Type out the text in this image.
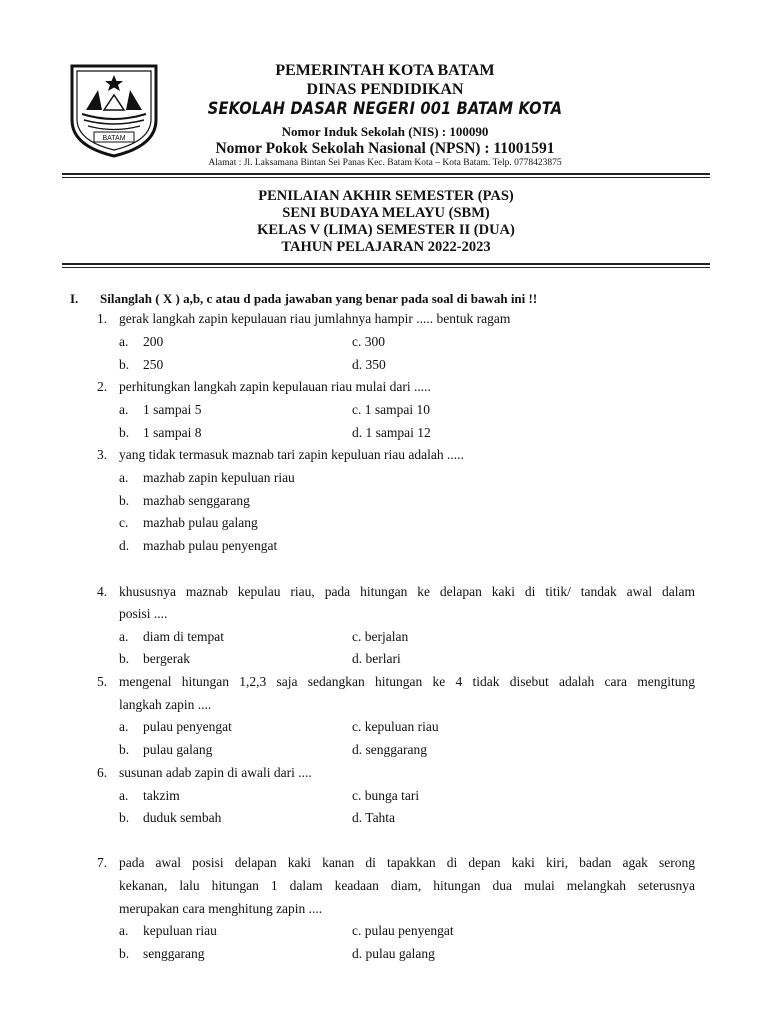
BATAM
PEMERINTAH KOTA BATAM
DINAS PENDIDIKAN
SEKOLAH DASAR NEGERI 001 BATAM KOTA
Nomor Induk Sekolah (NIS) : 100090
Nomor Pokok Sekolah Nasional (NPSN) : 11001591
Alamat : Jl. Laksamana Bintan Sei Panas Kec. Batam Kota – Kota Batam. Telp. 0778423875
PENILAIAN AKHIR SEMESTER (PAS)
SENI BUDAYA MELAYU (SBM)
KELAS V (LIMA) SEMESTER II (DUA)
TAHUN PELAJARAN 2022-2023
I. Silanglah ( X ) a,b, c atau d pada jawaban yang benar pada soal di bawah ini !!
1. gerak langkah zapin kepulauan riau jumlahnya hampir ..... bentuk ragam
a. 200	c. 300
b. 250	d. 350
2. perhitungkan langkah zapin kepulauan riau mulai dari .....
a. 1 sampai 5	c. 1 sampai 10
b. 1 sampai 8	d. 1 sampai 12
3. yang tidak termasuk maznab tari zapin kepuluan riau adalah .....
a. mazhab zapin kepuluan riau
b. mazhab senggarang
c. mazhab pulau galang
d. mazhab pulau penyengat
4. khususnya maznab kepulau riau, pada hitungan ke delapan kaki di titik/ tandak awal dalam
posisi ....
a. diam di tempat	c. berjalan
b. bergerak	d. berlari
5. mengenal hitungan 1,2,3 saja sedangkan hitungan ke 4 tidak disebut adalah cara mengitung
langkah zapin ....
a. pulau penyengat	c. kepuluan riau
b. pulau galang	d. senggarang
6. susunan adab zapin di awali dari ....
a. takzim	c. bunga tari
b. duduk sembah	d. Tahta
7. pada awal posisi delapan kaki kanan di tapakkan di depan kaki kiri, badan agak serong
kekanan, lalu hitungan 1 dalam keadaan diam, hitungan dua mulai melangkah seterusnya
merupakan cara menghitung zapin ....
a. kepuluan riau	c. pulau penyengat
b. senggarang	d. pulau galang
